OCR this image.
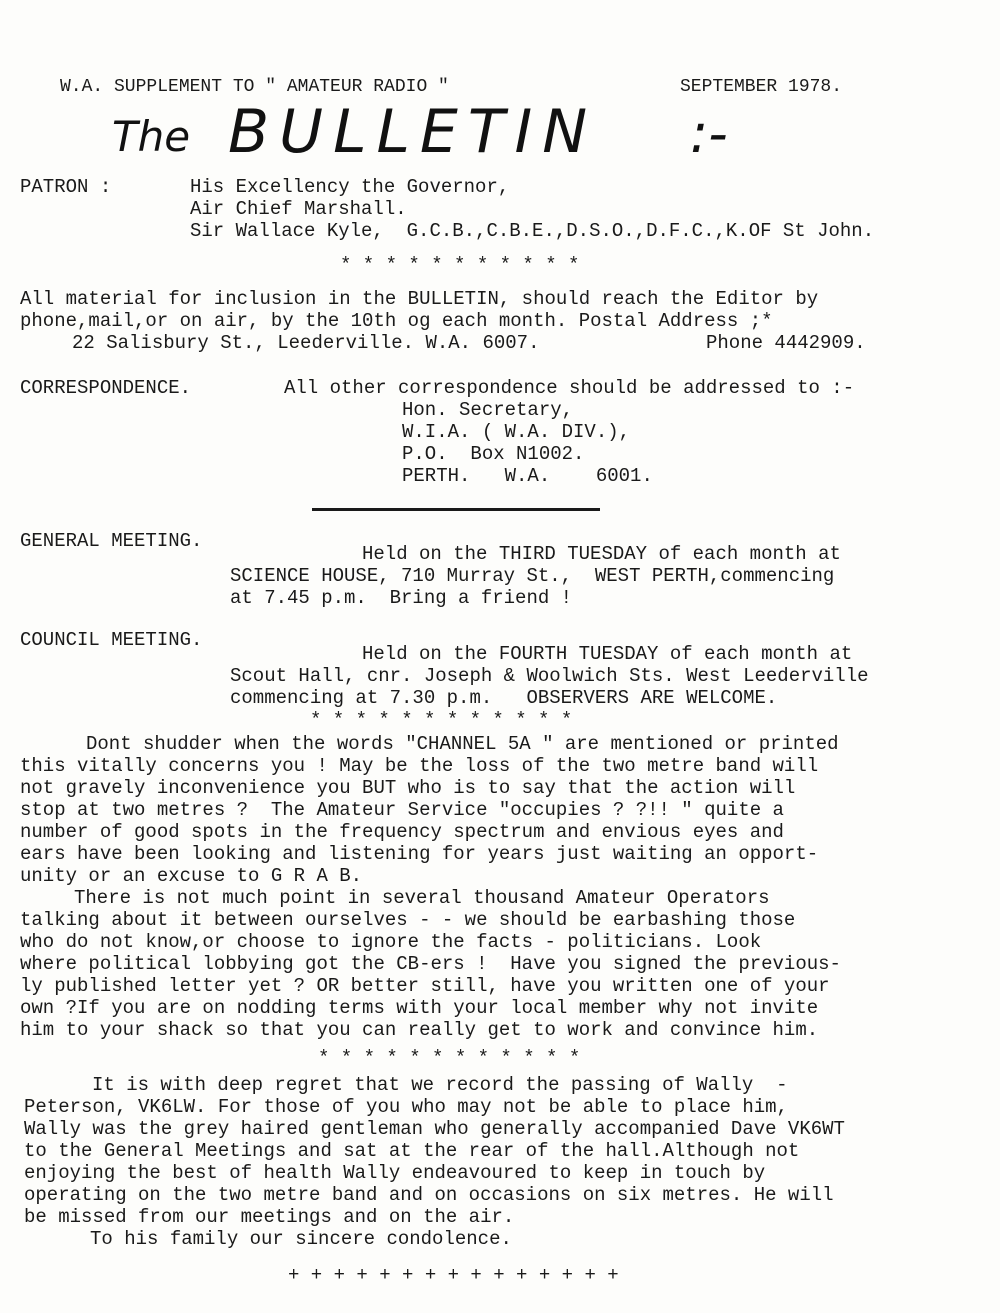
W.A. SUPPLEMENT TO " AMATEUR RADIO "	SEPTEMBER 1978.
The BULLETIN :-
PATRON :	His Excellency the Governor,
Air Chief Marshall.
Sir Wallace Kyle,  G.C.B.,C.B.E.,D.S.O.,D.F.C.,K.OF St John.
* * * * * * * * * * *
All material for inclusion in the BULLETIN, should reach the Editor by
phone,mail,or on air, by the 10th og each month. Postal Address ;*
22 Salisbury St., Leederville. W.A. 6007.	Phone 4442909.
CORRESPONDENCE.	All other correspondence should be addressed to :-
Hon. Secretary,
W.I.A. ( W.A. DIV.),
P.O.  Box N1002.
PERTH.   W.A.    6001.
GENERAL MEETING.
Held on the THIRD TUESDAY of each month at
SCIENCE HOUSE, 710 Murray St.,  WEST PERTH,commencing
at 7.45 p.m.  Bring a friend !
COUNCIL MEETING.
Held on the FOURTH TUESDAY of each month at
Scout Hall, cnr. Joseph & Woolwich Sts. West Leederville
commencing at 7.30 p.m.   OBSERVERS ARE WELCOME.
* * * * * * * * * * * *
Dont shudder when the words "CHANNEL 5A " are mentioned or printed
this vitally concerns you ! May be the loss of the two metre band will
not gravely inconvenience you BUT who is to say that the action will
stop at two metres ?  The Amateur Service "occupies ? ?!! " quite a
number of good spots in the frequency spectrum and envious eyes and
ears have been looking and listening for years just waiting an opport-
unity or an excuse to G R A B.
There is not much point in several thousand Amateur Operators
talking about it between ourselves - - we should be earbashing those
who do not know,or choose to ignore the facts - politicians. Look
where political lobbying got the CB-ers !  Have you signed the previous-
ly published letter yet ? OR better still, have you written one of your
own ?If you are on nodding terms with your local member why not invite
him to your shack so that you can really get to work and convince him.
* * * * * * * * * * * *
It is with deep regret that we record the passing of Wally  -
Peterson, VK6LW. For those of you who may not be able to place him,
Wally was the grey haired gentleman who generally accompanied Dave VK6WT
to the General Meetings and sat at the rear of the hall.Although not
enjoying the best of health Wally endeavoured to keep in touch by
operating on the two metre band and on occasions on six metres. He will
be missed from our meetings and on the air.
To his family our sincere condolence.
+ + + + + + + + + + + + + + +
